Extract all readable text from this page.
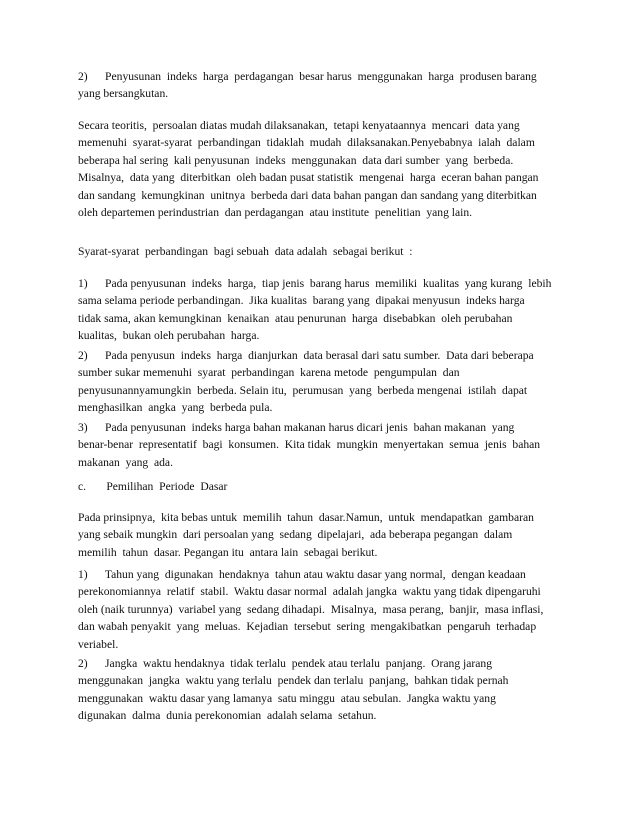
2)      Penyusunan  indeks  harga  perdagangan  besar harus  menggunakan  harga  produsen barang
yang bersangkutan.

Secara teoritis,  persoalan diatas mudah dilaksanakan,  tetapi kenyataannya  mencari  data yang
memenuhi  syarat-syarat  perbandingan  tidaklah  mudah  dilaksanakan.Penyebabnya  ialah  dalam
beberapa hal sering  kali penyusunan  indeks  menggunakan  data dari sumber  yang  berbeda.
Misalnya,  data yang  diterbitkan  oleh badan pusat statistik  mengenai  harga  eceran bahan pangan
dan sandang  kemungkinan  unitnya  berbeda dari data bahan pangan dan sandang yang diterbitkan
oleh departemen perindustrian  dan perdagangan  atau institute  penelitian  yang lain.

Syarat-syarat  perbandingan  bagi sebuah  data adalah  sebagai berikut  :

1)      Pada penyusunan  indeks  harga,  tiap jenis  barang harus  memiliki  kualitas  yang kurang  lebih
sama selama periode perbandingan.  Jika kualitas  barang yang  dipakai menyusun  indeks harga
tidak sama, akan kemungkinan  kenaikan  atau penurunan  harga  disebabkan  oleh perubahan
kualitas,  bukan oleh perubahan  harga.

2)      Pada penyusun  indeks  harga  dianjurkan  data berasal dari satu sumber.  Data dari beberapa
sumber sukar memenuhi  syarat  perbandingan  karena metode  pengumpulan  dan
penyusunannyamungkin  berbeda. Selain itu,  perumusan  yang  berbeda mengenai  istilah  dapat
menghasilkan  angka  yang  berbeda pula.

3)      Pada penyusunan  indeks harga bahan makanan harus dicari jenis  bahan makanan  yang
benar-benar  representatif  bagi  konsumen.  Kita tidak  mungkin  menyertakan  semua  jenis  bahan
makanan  yang  ada.

c.       Pemilihan  Periode  Dasar

Pada prinsipnya,  kita bebas untuk  memilih  tahun  dasar.Namun,  untuk  mendapatkan  gambaran
yang sebaik mungkin  dari persoalan yang  sedang  dipelajari,  ada beberapa pegangan  dalam
memilih  tahun  dasar. Pegangan itu  antara lain  sebagai berikut.

1)      Tahun yang  digunakan  hendaknya  tahun atau waktu dasar yang normal,  dengan keadaan
perekonomiannya  relatif  stabil.  Waktu dasar normal  adalah jangka  waktu yang tidak dipengaruhi
oleh (naik turunnya)  variabel yang  sedang dihadapi.  Misalnya,  masa perang,  banjir,  masa inflasi,
dan wabah penyakit  yang  meluas.  Kejadian  tersebut  sering  mengakibatkan  pengaruh  terhadap
veriabel.

2)      Jangka  waktu hendaknya  tidak terlalu  pendek atau terlalu  panjang.  Orang jarang
menggunakan  jangka  waktu yang terlalu  pendek dan terlalu  panjang,  bahkan tidak pernah
menggunakan  waktu dasar yang lamanya  satu minggu  atau sebulan.  Jangka waktu yang
digunakan  dalma  dunia perekonomian  adalah selama  setahun.
